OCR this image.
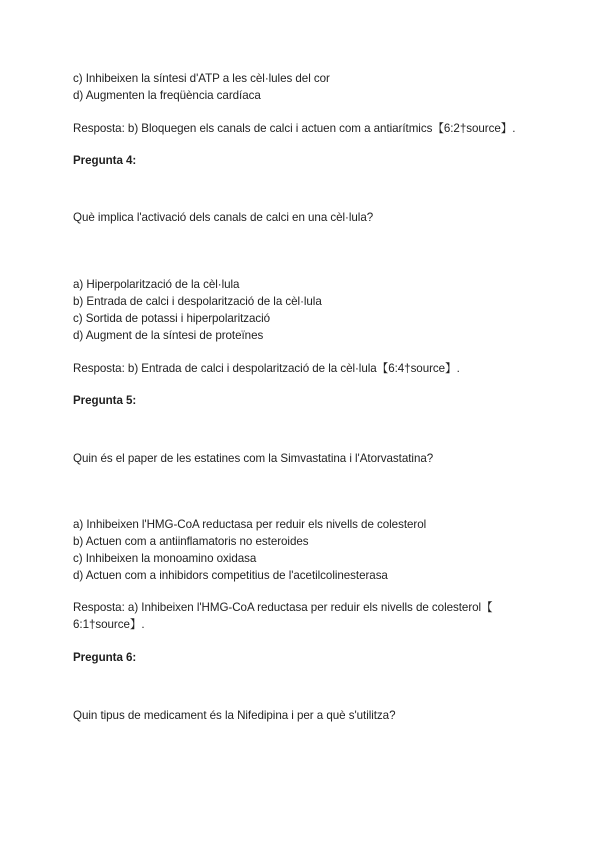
c) Inhibeixen la síntesi d'ATP a les cèl·lules del cor
d) Augmenten la freqüència cardíaca
Resposta: b) Bloquegen els canals de calci i actuen com a antiarítmics【6:2†source】.
Pregunta 4:
Què implica l'activació dels canals de calci en una cèl·lula?
a) Hiperpolarització de la cèl·lula
b) Entrada de calci i despolarització de la cèl·lula
c) Sortida de potassi i hiperpolarització
d) Augment de la síntesi de proteïnes
Resposta: b) Entrada de calci i despolarització de la cèl·lula【6:4†source】.
Pregunta 5:
Quin és el paper de les estatines com la Simvastatina i l'Atorvastatina?
a) Inhibeixen l'HMG-CoA reductasa per reduir els nivells de colesterol
b) Actuen com a antiinflamatoris no esteroides
c) Inhibeixen la monoamino oxidasa
d) Actuen com a inhibidors competitius de l'acetilcolinesterasa
Resposta: a) Inhibeixen l'HMG-CoA reductasa per reduir els nivells de colesterol【
6:1†source】.
Pregunta 6:
Quin tipus de medicament és la Nifedipina i per a què s'utilitza?
